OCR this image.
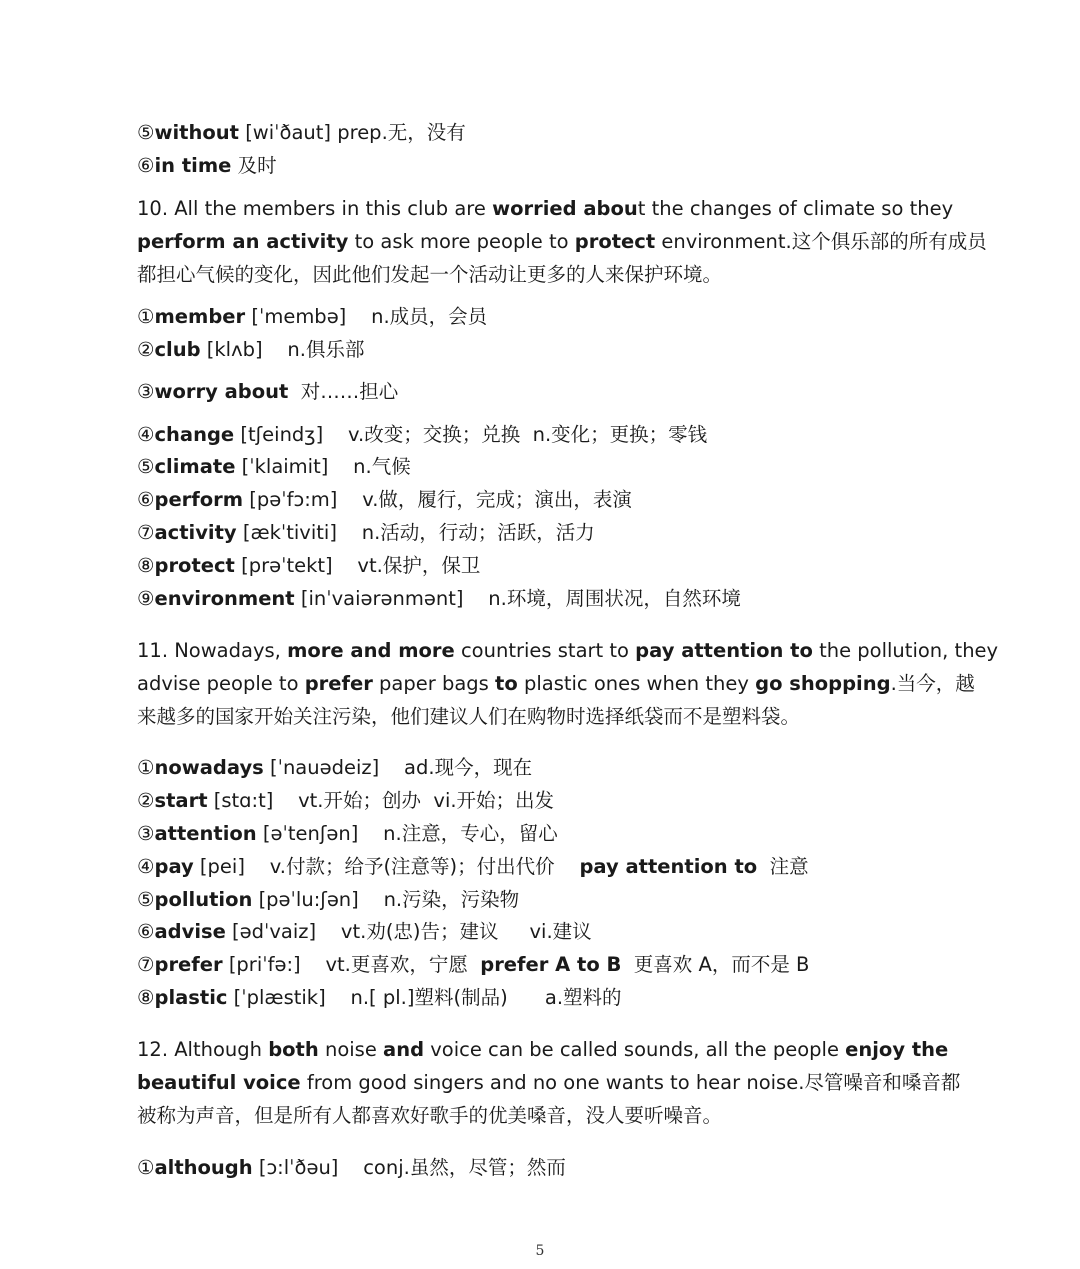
⑤without [wiˈðaut] prep.无，没有
⑥in time 及时
10. All the members in this club are worried about the changes of climate so they
perform an activity to ask more people to protect environment.这个俱乐部的所有成员
都担心气候的变化，因此他们发起一个活动让更多的人来保护环境。
①member [ˈmembə]    n.成员，会员
②club [klʌb]    n.俱乐部
③worry about  对……担心
④change [tʃeindʒ]    v.改变；交换；兑换  n.变化；更换；零钱
⑤climate [ˈklaimit]    n.气候
⑥perform [pəˈfɔ:m]    v.做，履行，完成；演出，表演
⑦activity [ækˈtiviti]    n.活动，行动；活跃，活力
⑧protect [prəˈtekt]    vt.保护，保卫
⑨environment [inˈvaiərənmənt]    n.环境，周围状况，自然环境
11. Nowadays, more and more countries start to pay attention to the pollution, they
advise people to prefer paper bags to plastic ones when they go shopping.当今，越
来越多的国家开始关注污染，他们建议人们在购物时选择纸袋而不是塑料袋。
①nowadays [ˈnauədeiz]    ad.现今，现在
②start [stɑ:t]    vt.开始；创办  vi.开始；出发
③attention [əˈtenʃən]    n.注意，专心，留心
④pay [pei]    v.付款；给予(注意等)；付出代价    pay attention to  注意
⑤pollution [pəˈlu:ʃən]    n.污染，污染物
⑥advise [ədˈvaiz]    vt.劝(忠)告；建议     vi.建议
⑦prefer [priˈfə:]    vt.更喜欢，宁愿  prefer A to B  更喜欢 A，而不是 B
⑧plastic [ˈplæstik]    n.[ pl.]塑料(制品)      a.塑料的
12. Although both noise and voice can be called sounds, all the people enjoy the
beautiful voice from good singers and no one wants to hear noise.尽管噪音和嗓音都
被称为声音，但是所有人都喜欢好歌手的优美嗓音，没人要听噪音。
①although [ɔ:lˈðəu]    conj.虽然，尽管；然而
5
